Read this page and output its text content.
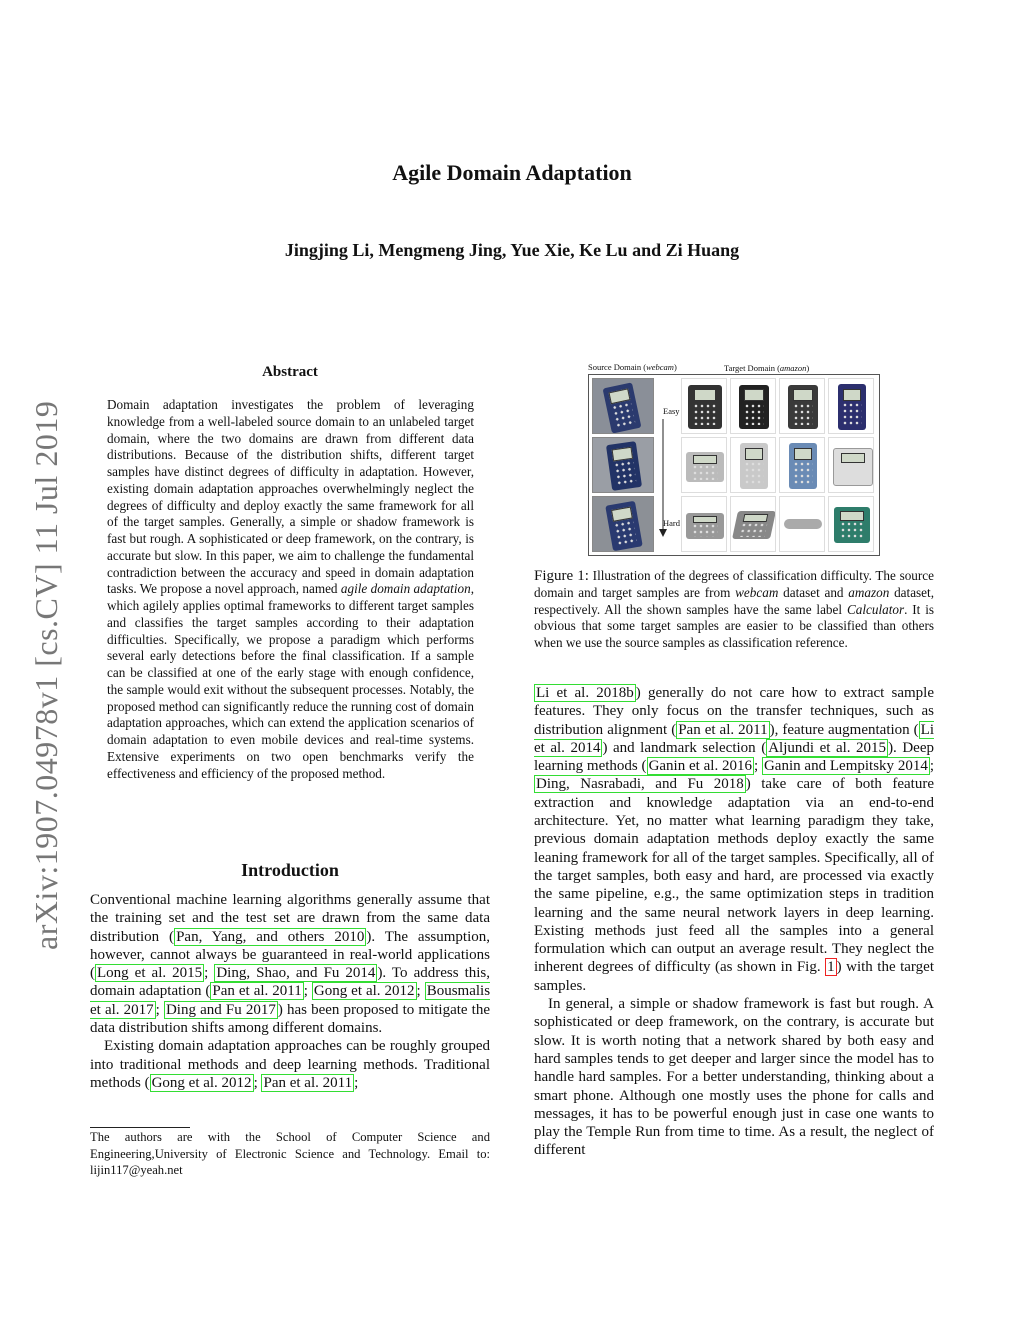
Agile Domain Adaptation
Jingjing Li, Mengmeng Jing, Yue Xie, Ke Lu and Zi Huang
arXiv:1907.04978v1 [cs.CV] 11 Jul 2019
Abstract
Domain adaptation investigates the problem of leveraging knowledge from a well-labeled source domain to an unlabeled target domain, where the two domains are drawn from different data distributions. Because of the distribution shifts, different target samples have distinct degrees of difficulty in adaptation. However, existing domain adaptation approaches overwhelmingly neglect the degrees of difficulty and deploy exactly the same framework for all of the target samples. Generally, a simple or shadow framework is fast but rough. A sophisticated or deep framework, on the contrary, is accurate but slow. In this paper, we aim to challenge the fundamental contradiction between the accuracy and speed in domain adaptation tasks. We propose a novel approach, named agile domain adaptation, which agilely applies optimal frameworks to different target samples and classifies the target samples according to their adaptation difficulties. Specifically, we propose a paradigm which performs several early detections before the final classification. If a sample can be classified at one of the early stage with enough confidence, the sample would exit without the subsequent processes. Notably, the proposed method can significantly reduce the running cost of domain adaptation approaches, which can extend the application scenarios of domain adaptation to even mobile devices and real-time systems. Extensive experiments on two open benchmarks verify the effectiveness and efficiency of the proposed method.
Introduction

Conventional machine learning algorithms generally assume that the training set and the test set are drawn from the same data distribution ( Pan, Yang, and others 2010 ). The assumption, however, cannot always be guaranteed in real-world applications ( Long et al. 2015 ; Ding, Shao, and Fu 2014 ). To address this, domain adaptation ( Pan et al. 2011 ; Gong et al. 2012 ; Bousmalis et al. 2017 ; Ding and Fu 2017 ) has been proposed to mitigate the data distribution shifts among different domains.

Existing domain adaptation approaches can be roughly grouped into traditional methods and deep learning methods. Traditional methods ( Gong et al. 2012 ; Pan et al. 2011 ;

The authors are with the School of Computer Science and Engineering,University of Electronic Science and Technology. Email to: lijin117@yeah.net
Source Domain (webcam)	Target Domain (amazon)
Easy
Hard
Figure 1: Illustration of the degrees of classification difficulty. The source domain and target samples are from webcam dataset and amazon dataset, respectively. All the shown samples have the same label Calculator. It is obvious that some target samples are easier to be classified than others when we use the source samples as classification reference.

Li et al. 2018b ) generally do not care how to extract sample features. They only focus on the transfer techniques, such as distribution alignment ( Pan et al. 2011 ), feature augmentation ( Li et al. 2014 ) and landmark selection ( Aljundi et al. 2015 ). Deep learning methods ( Ganin et al. 2016 ; Ganin and Lempitsky 2014 ; Ding, Nasrabadi, and Fu 2018 ) take care of both feature extraction and knowledge adaptation via an end-to-end architecture. Yet, no matter what learning paradigm they take, previous domain adaptation methods deploy exactly the same leaning framework for all of the target samples. Specifically, all of the target samples, both easy and hard, are processed via exactly the same pipeline, e.g., the same optimization steps in tradition learning and the same neural network layers in deep learning. Existing methods just feed all the samples into a general formulation which can output an average result. They neglect the inherent degrees of difficulty (as shown in Fig. 1 ) with the target samples.

In general, a simple or shadow framework is fast but rough. A sophisticated or deep framework, on the contrary, is accurate but slow. It is worth noting that a network shared by both easy and hard samples tends to get deeper and larger since the model has to handle hard samples. For a better understanding, thinking about a smart phone. Although one mostly uses the phone for calls and messages, it has to be powerful enough just in case one wants to play the Temple Run from time to time. As a result, the neglect of different
